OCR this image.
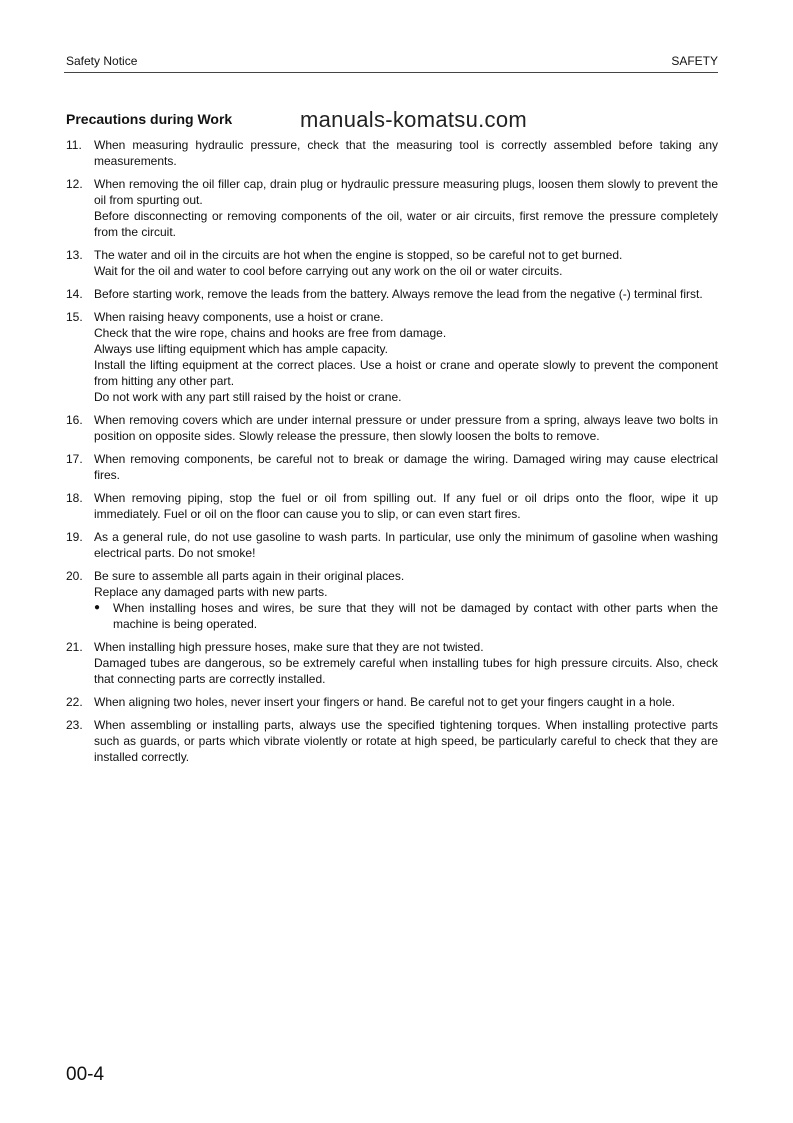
Safety Notice	SAFETY
Precautions during Work	manuals-komatsu.com
11. When measuring hydraulic pressure, check that the measuring tool is correctly assembled before taking any measurements.
12. When removing the oil filler cap, drain plug or hydraulic pressure measuring plugs, loosen them slowly to prevent the oil from spurting out.
Before disconnecting or removing components of the oil, water or air circuits, first remove the pressure completely from the circuit.
13. The water and oil in the circuits are hot when the engine is stopped, so be careful not to get burned.
Wait for the oil and water to cool before carrying out any work on the oil or water circuits.
14. Before starting work, remove the leads from the battery. Always remove the lead from the negative (-) terminal first.
15. When raising heavy components, use a hoist or crane.
Check that the wire rope, chains and hooks are free from damage.
Always use lifting equipment which has ample capacity.
Install the lifting equipment at the correct places. Use a hoist or crane and operate slowly to prevent the component from hitting any other part.
Do not work with any part still raised by the hoist or crane.
16. When removing covers which are under internal pressure or under pressure from a spring, always leave two bolts in position on opposite sides. Slowly release the pressure, then slowly loosen the bolts to remove.
17. When removing components, be careful not to break or damage the wiring. Damaged wiring may cause electrical fires.
18. When removing piping, stop the fuel or oil from spilling out. If any fuel or oil drips onto the floor, wipe it up immediately. Fuel or oil on the floor can cause you to slip, or can even start fires.
19. As a general rule, do not use gasoline to wash parts. In particular, use only the minimum of gasoline when washing electrical parts. Do not smoke!
20. Be sure to assemble all parts again in their original places.
Replace any damaged parts with new parts.
● When installing hoses and wires, be sure that they will not be damaged by contact with other parts when the machine is being operated.
21. When installing high pressure hoses, make sure that they are not twisted.
Damaged tubes are dangerous, so be extremely careful when installing tubes for high pressure circuits. Also, check that connecting parts are correctly installed.
22. When aligning two holes, never insert your fingers or hand. Be careful not to get your fingers caught in a hole.
23. When assembling or installing parts, always use the specified tightening torques. When installing protective parts such as guards, or parts which vibrate violently or rotate at high speed, be particularly careful to check that they are installed correctly.
00-4
